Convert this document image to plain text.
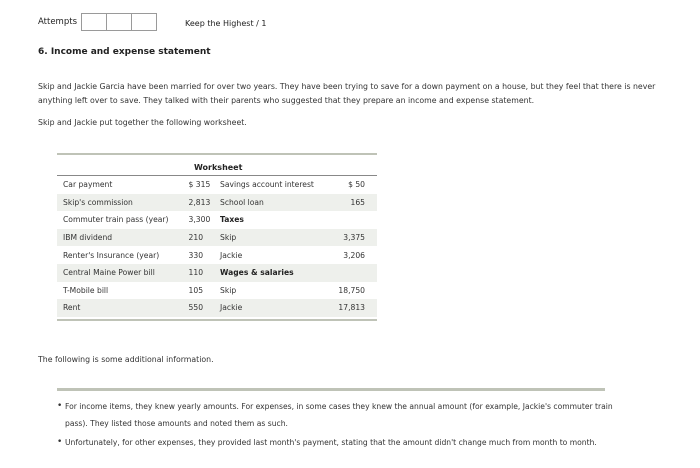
Attempts	Keep the Highest / 1
6. Income and expense statement
Skip and Jackie Garcia have been married for over two years. They have been trying to save for a down payment on a house, but they feel that there is never anything left over to save. They talked with their parents who suggested that they prepare an income and expense statement.
Skip and Jackie put together the following worksheet.
Worksheet
Car payment	$ 315	Savings account interest	$ 50
Skip's commission	2,813	School loan	165
Commuter train pass (year)	3,300	Taxes	
IBM dividend	210	Skip	3,375
Renter's Insurance (year)	330	Jackie	3,206
Central Maine Power bill	110	Wages & salaries	
T-Mobile bill	105	Skip	18,750
Rent	550	Jackie	17,813
The following is some additional information.
• For income items, they knew yearly amounts. For expenses, in some cases they knew the annual amount (for example, Jackie's commuter train pass). They listed those amounts and noted them as such.
• Unfortunately, for other expenses, they provided last month's payment, stating that the amount didn't change much from month to month.
